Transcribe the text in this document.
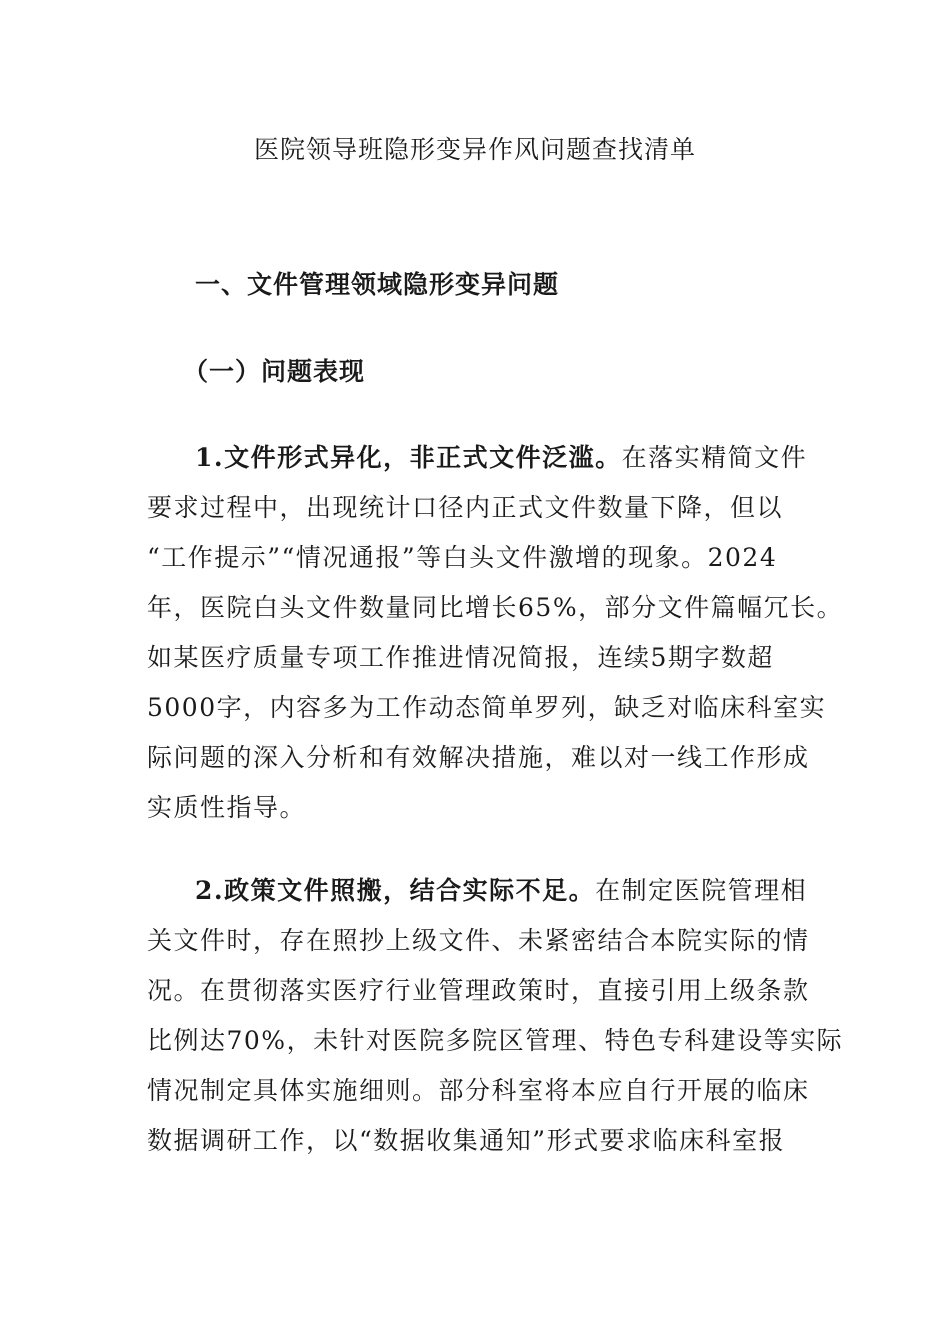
医院领导班隐形变异作风问题查找清单
一、文件管理领域隐形变异问题
（一）问题表现
1.文件形式异化，非正式文件泛滥。在落实精简文件
要求过程中，出现统计口径内正式文件数量下降，但以
“工作提示”“情况通报”等白头文件激增的现象。2024
年，医院白头文件数量同比增长65%，部分文件篇幅冗长。
如某医疗质量专项工作推进情况简报，连续5期字数超
5000字，内容多为工作动态简单罗列，缺乏对临床科室实
际问题的深入分析和有效解决措施，难以对一线工作形成
实质性指导。
2.政策文件照搬，结合实际不足。在制定医院管理相
关文件时，存在照抄上级文件、未紧密结合本院实际的情
况。在贯彻落实医疗行业管理政策时，直接引用上级条款
比例达70%，未针对医院多院区管理、特色专科建设等实际
情况制定具体实施细则。部分科室将本应自行开展的临床
数据调研工作，以“数据收集通知”形式要求临床科室报
